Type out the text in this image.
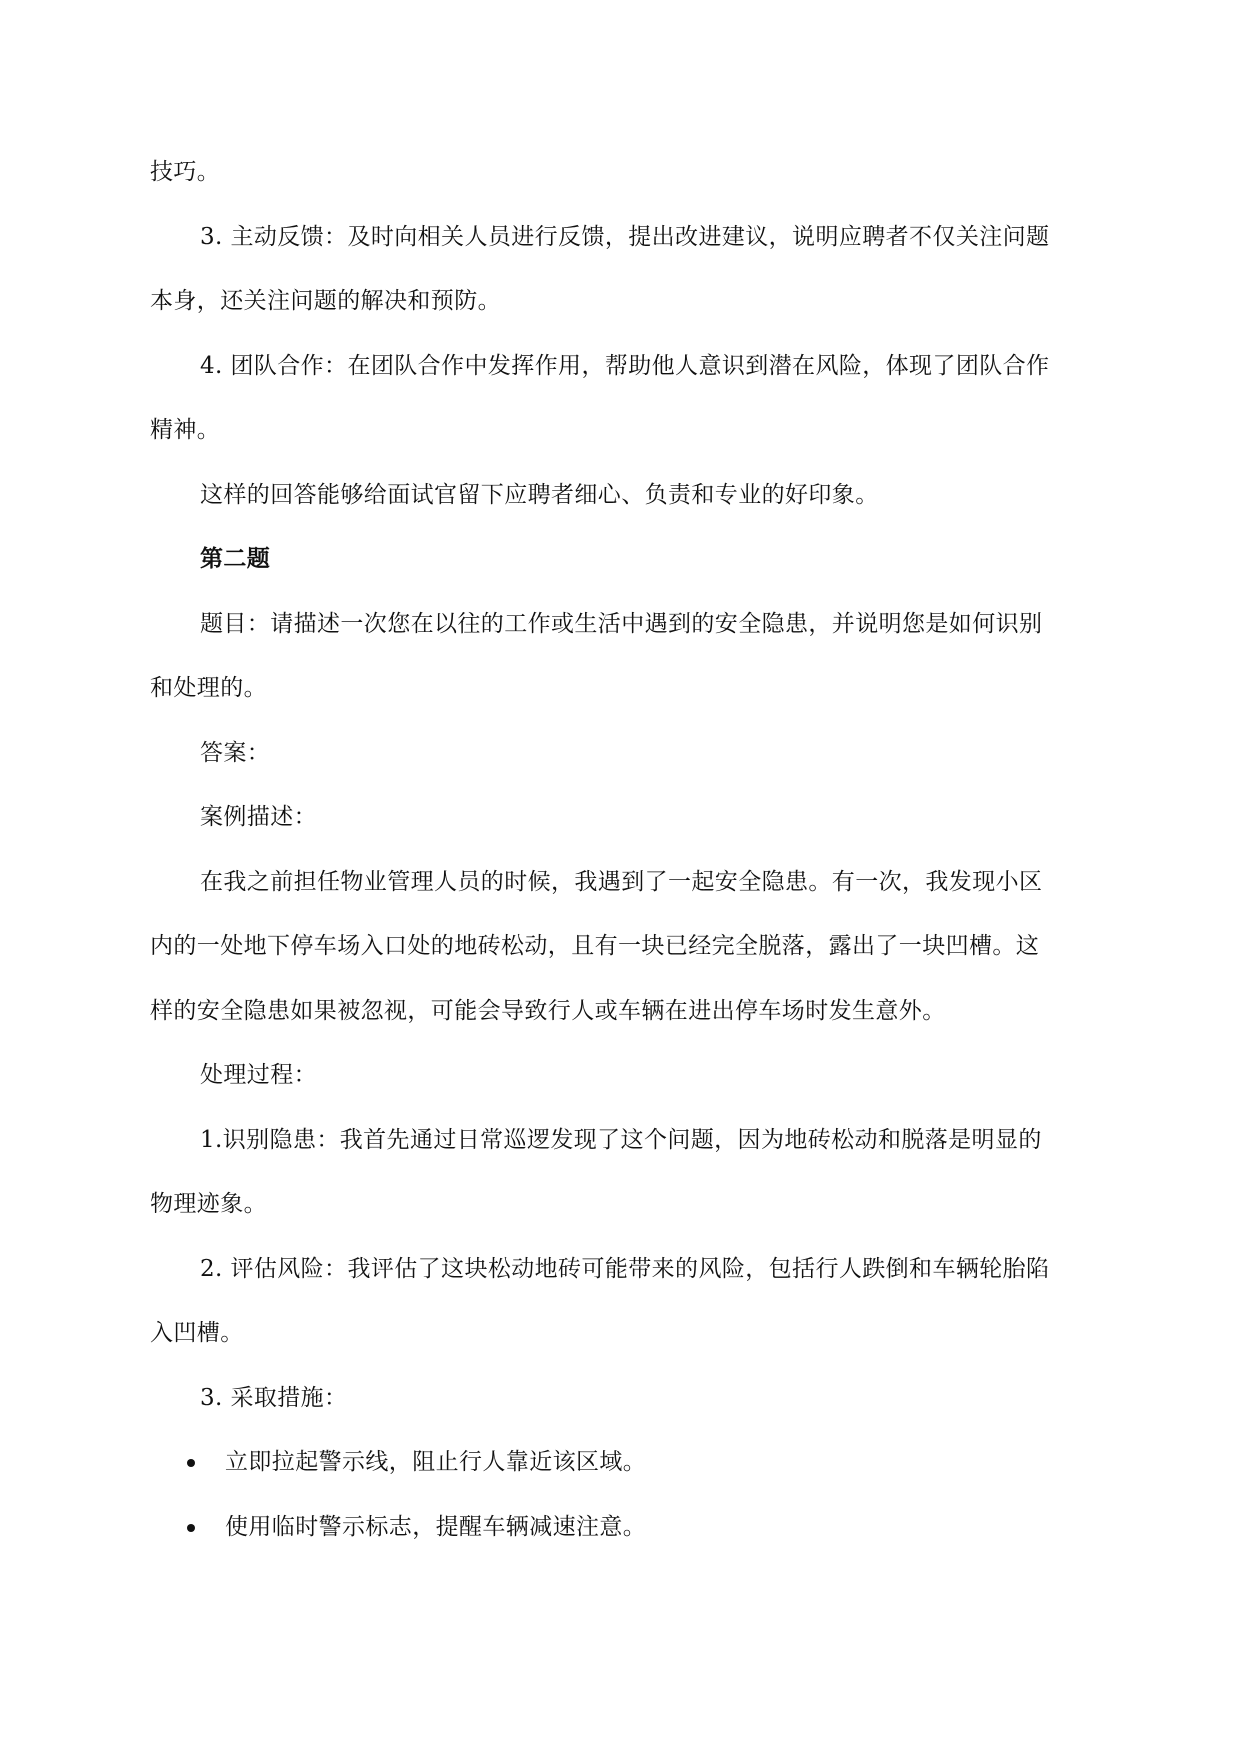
技巧。
3. 主动反馈：及时向相关人员进行反馈，提出改进建议，说明应聘者不仅关注问题
本身，还关注问题的解决和预防。
4. 团队合作：在团队合作中发挥作用，帮助他人意识到潜在风险，体现了团队合作
精神。
这样的回答能够给面试官留下应聘者细心、负责和专业的好印象。
第二题
题目：请描述一次您在以往的工作或生活中遇到的安全隐患，并说明您是如何识别
和处理的。
答案：
案例描述：
在我之前担任物业管理人员的时候，我遇到了一起安全隐患。有一次，我发现小区
内的一处地下停车场入口处的地砖松动，且有一块已经完全脱落，露出了一块凹槽。这
样的安全隐患如果被忽视，可能会导致行人或车辆在进出停车场时发生意外。
处理过程：
1.识别隐患：我首先通过日常巡逻发现了这个问题，因为地砖松动和脱落是明显的
物理迹象。
2. 评估风险：我评估了这块松动地砖可能带来的风险，包括行人跌倒和车辆轮胎陷
入凹槽。
3. 采取措施：
立即拉起警示线，阻止行人靠近该区域。
使用临时警示标志，提醒车辆减速注意。
